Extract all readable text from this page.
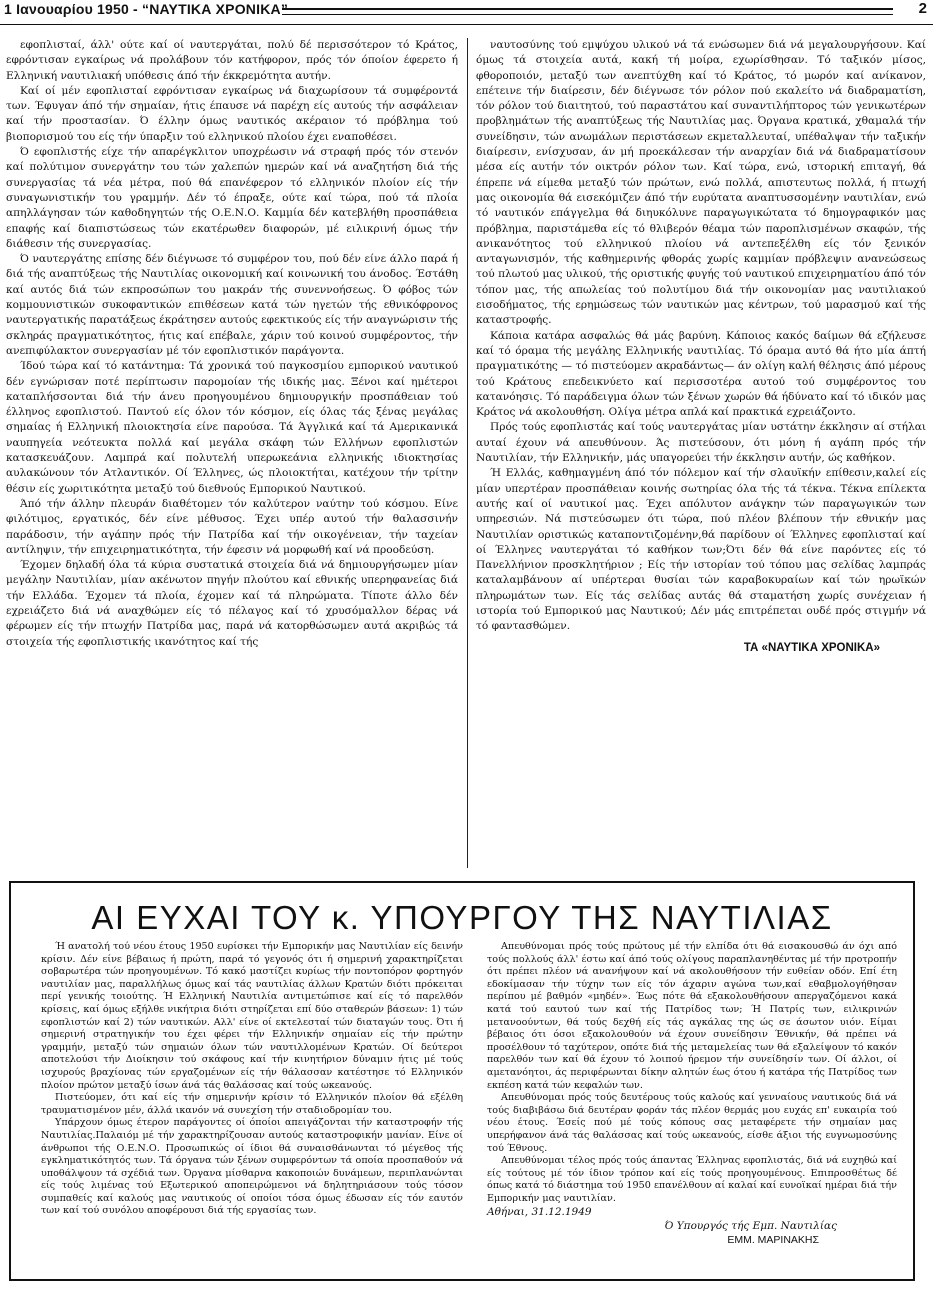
1 Ιανουαρίου 1950 - “ΝΑΥΤΙΚΑ ΧΡΟΝΙΚΑ”	2

εφοπλισταί, άλλ' ούτε καί οί ναυτεργάται, πολύ δέ περισσότερον τό Κράτος, εφρόντισαν εγκαίρως νά προλάβουν τόν κατήφορον, πρός τόν όποίον έφερετο ή Ελληνική ναυτιλιακή υπόθεσις άπό τήν έκκρεμότητα αυτήν.

Καί οί μέν εφοπλισταί εφρόντισαν εγκαίρως νά διαχωρίσουν τά συμφέροντά των. Έφυγαν άπό τήν σημαίαν, ήτις έπαυσε νά παρέχη είς αυτούς τήν ασφάλειαν καί τήν προστασίαν. Ό έλλην όμως ναυτικός ακέραιον τό πρόβλημα τού βιοπορισμού του είς τήν ύπαρξιν τού ελληνικού πλοίου έχει εναποθέσει.

Ό εφοπλιστής είχε τήν απαρέγκλιτον υποχρέωσιν νά στραφή πρός τόν στενόν καί πολύτιμον συνεργάτην του τών χαλεπών ημερών καί νά αναζητήση διά τής συνεργασίας τά νέα μέτρα, πού θά επανέφερον τό ελληνικόν πλοίον είς τήν συναγωνιστικήν του γραμμήν. Δέν τό έπραξε, ούτε καί τώρα, πού τά πλοία απηλλάγησαν τών καθοδηγητών τής Ο.Ε.Ν.Ο. Καμμία δέν κατεβλήθη προσπάθεια επαφής καί διαπιστώσεως τών εκατέρωθεν διαφορών, μέ ειλικρινή όμως τήν διάθεσιν τής συνεργασίας.

Ό ναυτεργάτης επίσης δέν διέγνωσε τό συμφέρον του, πού δέν είνε άλλο παρά ή διά τής αναπτύξεως τής Ναυτιλίας οικονομική καί κοινωνική του άνοδος. Έστάθη καί αυτός διά τών εκπροσώπων του μακράν τής συνεννοήσεως. Ό φόβος τών κομμουνιστικών συκοφαντικών επιθέσεων κατά τών ηγετών τής εθνικόφρονος ναυτεργατικής παρατάξεως έκράτησεν αυτούς εφεκτικούς είς τήν αναγνώρισιν τής σκληράς πραγματικότητος, ήτις καί επέβαλε, χάριν τού κοινού συμφέροντος, τήν ανεπιφύλακτον συνεργασίαν μέ τόν εφοπλιστικόν παράγοντα.

Ίδού τώρα καί τό κατάντημα: Τά χρονικά τού παγκοσμίου εμπορικού ναυτικού δέν εγνώρισαν ποτέ περίπτωσιν παρομοίαν τής ιδικής μας. Ξένοι καί ημέτεροι καταπλήσσονται διά τήν άνευ προηγουμένου δημιουργικήν προσπάθειαν τού έλληνος εφοπλιστού. Παντού είς όλον τόν κόσμον, είς όλας τάς ξένας μεγάλας σημαίας ή Ελληνική πλοιοκτησία είνε παρούσα. Τά Άγγλικά καί τά Αμερικανικά ναυπηγεία νεότευκτα πολλά καί μεγάλα σκάφη τών Ελλήνων εφοπλιστών κατασκευάζουν. Λαμπρά καί πολυτελή υπερωκεάνια ελληνικής ιδιοκτησίας αυλακώνουν τόν Ατλαντικόν. Οί Έλληνες, ώς πλοιοκτήται, κατέχουν τήν τρίτην θέσιν είς χωριτικότητα μεταξύ τού διεθνούς Εμπορικού Ναυτικού.

Άπό τήν άλλην πλευράν διαθέτομεν τόν καλύτερον ναύτην τού κόσμου. Είνε φιλότιμος, εργατικός, δέν είνε μέθυσος. Έχει υπέρ αυτού τήν θαλασσινήν παράδοσιν, τήν αγάπην πρός τήν Πατρίδα καί τήν οικογένειαν, τήν ταχείαν αντίληψιν, τήν επιχειρηματικότητα, τήν έφεσιν νά μορφωθή καί νά προοδεύση.

Έχομεν δηλαδή όλα τά κύρια συστατικά στοιχεία διά νά δημιουργήσωμεν μίαν μεγάλην Ναυτιλίαν, μίαν ακένωτον πηγήν πλούτου καί εθνικής υπερηφανείας διά τήν Ελλάδα. Έχομεν τά πλοία, έχομεν καί τά πληρώματα. Τίποτε άλλο δέν εχρειάζετο διά νά αναχθώμεν είς τό πέλαγος καί τό χρυσόμαλλον δέρας νά φέρωμεν είς τήν πτωχήν Πατρίδα μας, παρά νά κατορθώσωμεν αυτά ακριβώς τά στοιχεία τής εφοπλιστικής ικανότητος καί τής

ναυτοσύνης τού εμψύχου υλικού νά τά ενώσωμεν διά νά μεγαλουργήσουν. Καί όμως τά στοιχεία αυτά, κακή τή μοίρα, εχωρίσθησαν. Τό ταξικόν μίσος, φθοροποιόν, μεταξύ των ανεπτύχθη καί τό Κράτος, τό μωρόν καί ανίκανον, επέτεινε τήν διαίρεσιν, δέν διέγνωσε τόν ρόλον πού εκαλείτο νά διαδραματίση, τόν ρόλον τού διαιτητού, τού παραστάτου καί συναντιλήπτορος τών γενικωτέρων προβλημάτων τής αναπτύξεως τής Ναυτιλίας μας. Όργανα κρατικά, χθαμαλά τήν συνείδησιν, τών ανωμάλων περιστάσεων εκμεταλλευταί, υπέθαλψαν τήν ταξικήν διαίρεσιν, ενίσχυσαν, άν μή προεκάλεσαν τήν αναρχίαν διά νά διαδραματίσουν μέσα είς αυτήν τόν οικτρόν ρόλον των. Καί τώρα, ενώ, ιστορική επιταγή, θά έπρεπε νά είμεθα μεταξύ τών πρώτων, ενώ πολλά, απιστευτως πολλά, ή πτωχή μας οικονομία θά εισεκόμιζεν άπό τήν ευρύτατα αναπτυσσομένην ναυτιλίαν, ενώ τό ναυτικόν επάγγελμα θά διηυκόλυνε παραγωγικώτατα τό δημογραφικόν μας πρόβλημα, παριστάμεθα είς τό θλιβερόν θέαμα τών παροπλισμένων σκαφών, τής ανικανότητος τού ελληνικού πλοίου νά αντεπεξέλθη είς τόν ξενικόν ανταγωνισμόν, τής καθημερινής φθοράς χωρίς καμμίαν πρόβλεψιν ανανεώσεως τού πλωτού μας υλικού, τής οριστικής φυγής τού ναυτικού επιχειρηματίου άπό τόν τόπον μας, τής απωλείας τού πολυτίμου διά τήν οικονομίαν μας ναυτιλιακού εισοδήματος, τής ερημώσεως τών ναυτικών μας κέντρων, τού μαρασμού καί τής καταστροφής.

Κάποια κατάρα ασφαλώς θά μάς βαρύνη. Κάποιος κακός δαίμων θά εζήλευσε καί τό όραμα τής μεγάλης Ελληνικής ναυτιλίας. Τό όραμα αυτό θά ήτο μία άπτή πραγματικότης — τό πιστεύομεν ακραδάντως— άν ολίγη καλή θέλησις άπό μέρους τού Κράτους επεδεικνύετο καί περισσοτέρα αυτού τού συμφέροντος του κατανόησις. Τό παράδειγμα όλων τών ξένων χωρών θά ήδύνατο καί τό ιδικόν μας Κράτος νά ακολουθήση. Ολίγα μέτρα απλά καί πρακτικά εχρειάζοντο.

Πρός τούς εφοπλιστάς καί τούς ναυτεργάτας μίαν υστάτην έκκλησιν αί στήλαι αυταί έχουν νά απευθύνουν. Άς πιστεύσουν, ότι μόνη ή αγάπη πρός τήν Ναυτιλίαν, τήν Ελληνικήν, μάς υπαγορεύει τήν έκκλησιν αυτήν, ώς καθήκον.

Ή Ελλάς, καθημαγμένη άπό τόν πόλεμον καί τήν σλαυϊκήν επίθεσιν,καλεί είς μίαν υπερτέραν προσπάθειαν κοινής σωτηρίας όλα τής τά τέκνα. Τέκνα επίλεκτα αυτής καί οί ναυτικοί μας. Έχει απόλυτον ανάγκην τών παραγωγικών των υπηρεσιών. Νά πιστεύσωμεν ότι τώρα, πού πλέον βλέπουν τήν εθνικήν μας Ναυτιλίαν οριστικώς καταποντιζομένην,θά παρίδουν οί Έλληνες εφοπλισταί καί οί Έλληνες ναυτεργάται τό καθήκον των;Ότι δέν θά είνε παρόντες είς τό Πανελλήνιον προσκλητήριον ; Είς τήν ιστορίαν τού τόπου μας σελίδας λαμπράς καταλαμβάνουν αί υπέρτεραι θυσίαι τών καραβοκυραίων καί τών ηρωϊκών πληρωμάτων των. Είς τάς σελίδας αυτάς θά σταματήση χωρίς συνέχειαν ή ιστορία τού Εμπορικού μας Ναυτικού; Δέν μάς επιτρέπεται ουδέ πρός στιγμήν νά τό φαντασθώμεν.

ΤΑ «ΝΑΥΤΙΚΑ ΧΡΟΝΙΚΑ»
ΑΙ ΕΥΧΑΙ ΤΟΥ κ. ΥΠΟΥΡΓΟΥ ΤΗΣ ΝΑΥΤΙΛΙΑΣ

Ή ανατολή τού νέου έτους 1950 ευρίσκει τήν Εμπορικήν μας Ναυτιλίαν είς δεινήν κρίσιν. Δέν είνε βέβαιως ή πρώτη, παρά τό γεγονός ότι ή σημερινή χαρακτηρίζεται σοβαρωτέρα τών προηγουμένων. Τό κακό μαστίζει κυρίως τήν ποντοπόρον φορτηγόν ναυτιλίαν μας, παραλλήλως όμως καί τάς ναυτιλίας άλλων Κρατών διότι πρόκειται περί γενικής τοιούτης. Ή Ελληνική Ναυτιλία αντιμετώπισε καί είς τό παρελθόν κρίσεις, καί όμως εξήλθε νικήτρια διότι στηρίζεται επί δύο σταθερών βάσεων: 1) τών εφοπλιστών καί 2) τών ναυτικών. Αλλ' είνε οί εκτελεσταί τών διαταγών τους. Ότι ή σημερινή στρατηγικήν του έχει φέρει τήν Ελληνικήν σημαίαν είς τήν πρώτην γραμμήν, μεταξύ τών σημαιών όλων τών ναυτιλλομένων Κρατών. Οί δεύτεροι αποτελούσι τήν Διοίκησιν τού σκάφους καί τήν κινητήριον δύναμιν ήτις μέ τούς ισχυρούς βραχίονας τών εργαζομένων είς τήν θάλασσαν κατέστησε τό Ελληνικόν πλοίον πρώτον μεταξύ ίσων άνά τάς θαλάσσας καί τούς ωκεανούς.

Πιστεύομεν, ότι καί είς τήν σημερινήν κρίσιν τό Ελληνικόν πλοίον θά εξέλθη τραυματισμένον μέν, άλλά ικανόν νά συνεχίση τήν σταδιοδρομίαν του.

Υπάρχουν όμως έτερον παράγοντες οί όποίοι απειγάζονται τήν καταστροφήν τής Ναυτιλίας.Παλαιόμ μέ τήν χαρακτηρίζουσαν αυτούς καταστροφικήν μανίαν. Είνε οί άνθρωποι τής Ο.Ε.Ν.Ο. Προσωπικώς οί ίδιοι θά συναισθάνωνται τό μέγεθος τής εγκληματικότητός των. Τά όργανα τών ξένων συμφερόντων τά οποία προσπαθούν νά υποθάλψουν τά σχέδιά των. Όργανα μίσθαρνα κακοποιών δυνάμεων, περιπλανώνται είς τούς λιμένας τού Εξωτερικού αποπειρώμενοι νά δηλητηριάσουν τούς τόσον συμπαθείς καί καλούς μας ναυτικούς οί οποίοι τόσα όμως έδωσαν είς τόν εαυτόν των καί τού συνόλου αποφέρουσι διά τής εργασίας των.

Απευθύνομαι πρός τούς πρώτους μέ τήν ελπίδα ότι θά εισακουσθώ άν όχι από τούς πολλούς άλλ' έστω καί άπό τούς ολίγους παραπλανηθέντας μέ τήν προτροπήν ότι πρέπει πλέον νά ανανήψουν καί νά ακολουθήσουν τήν ευθείαν οδόν. Επί έτη εδοκίμασαν τήν τύχην των είς τόν άχαριν αγώνα των,καί εθαβμολογήθησαν περίπου μέ βαθμόν «μηδέν». Έως πότε θά εξακολουθήσουν απεργαζόμενοι κακά κατά τού εαυτού των καί τής Πατρίδος των; Ή Πατρίς των, ειλικρινών μετανοούντων, θά τούς δεχθή είς τάς αγκάλας της ώς σε άσωτον υιόν. Είμαι βέβαιος ότι όσοι εξακολουθούν νά έχουν συνείδησιν Έθνικήν, θά πρέπει νά προσέλθουν τό ταχύτερον, οπότε διά τής μεταμελείας των θά εξαλείψουν τό κακόν παρελθόν των καί θά έχουν τό λοιπού ήρεμον τήν συνείδησίν των. Οί άλλοι, οί αμετανόητοι, άς περιφέρωνται δίκην αλητών έως ότου ή κατάρα τής Πατρίδος των εκπέση κατά τών κεφαλών των.

Απευθύνομαι πρός τούς δευτέρους τούς καλούς καί γενναίους ναυτικούς διά νά τούς διαβιβάσω διά δευτέραν φοράν τάς πλέον θερμάς μου ευχάς επ' ευκαιρία τού νέου έτους. Έσείς πού μέ τούς κόπους σας μεταφέρετε τήν σημαίαν μας υπερήφανον άνά τάς θαλάσσας καί τούς ωκεανούς, είσθε άξιοι τής ευγνωμοσύνης τού Έθνους.

Απευθύνομαι τέλος πρός τούς άπαντας Έλληνας εφοπλιστάς, διά νά ευχηθώ καί είς τούτους μέ τόν ίδιον τρόπον καί είς τούς προηγουμένους. Επιπροσθέτως δέ όπως κατά τό διάστημα τού 1950 επανέλθουν αί καλαί καί ευνοϊκαί ημέραι διά τήν Εμπορικήν μας ναυτιλίαν.

Αθήναι, 31.12.1949
Ό Υπουργός τής Εμπ. Ναυτιλίας
ΕΜΜ. ΜΑΡΙΝΑΚΗΣ
